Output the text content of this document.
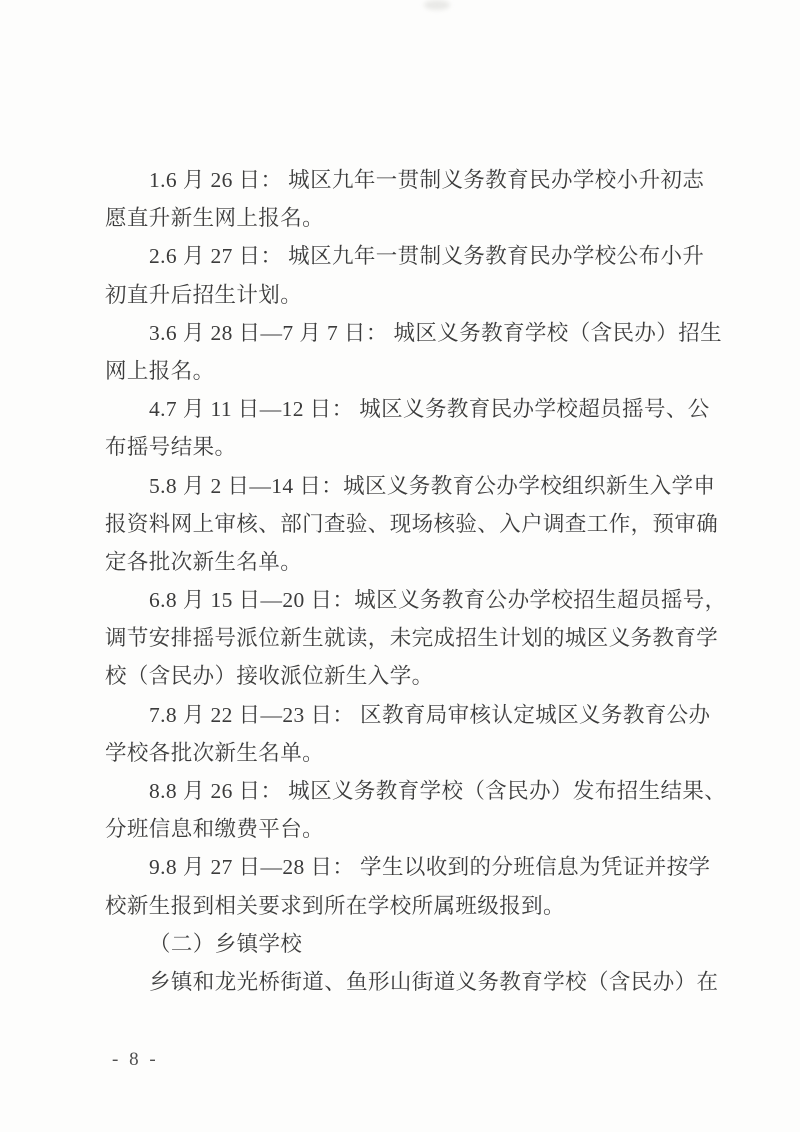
1.6 月 26 日： 城区九年一贯制义务教育民办学校小升初志
愿直升新生网上报名。
2.6 月 27 日： 城区九年一贯制义务教育民办学校公布小升
初直升后招生计划。
3.6 月 28 日—7 月 7 日： 城区义务教育学校（含民办）招生
网上报名。
4.7 月 11 日—12 日： 城区义务教育民办学校超员摇号、公
布摇号结果。
5.8 月 2 日—14 日：城区义务教育公办学校组织新生入学申
报资料网上审核、部门查验、现场核验、入户调查工作，预审确
定各批次新生名单。
6.8 月 15 日—20 日：城区义务教育公办学校招生超员摇号，
调节安排摇号派位新生就读，未完成招生计划的城区义务教育学
校（含民办）接收派位新生入学。
7.8 月 22 日—23 日： 区教育局审核认定城区义务教育公办
学校各批次新生名单。
8.8 月 26 日： 城区义务教育学校（含民办）发布招生结果、
分班信息和缴费平台。
9.8 月 27 日—28 日： 学生以收到的分班信息为凭证并按学
校新生报到相关要求到所在学校所属班级报到。
（二）乡镇学校
乡镇和龙光桥街道、鱼形山街道义务教育学校（含民办）在
- 8 -
